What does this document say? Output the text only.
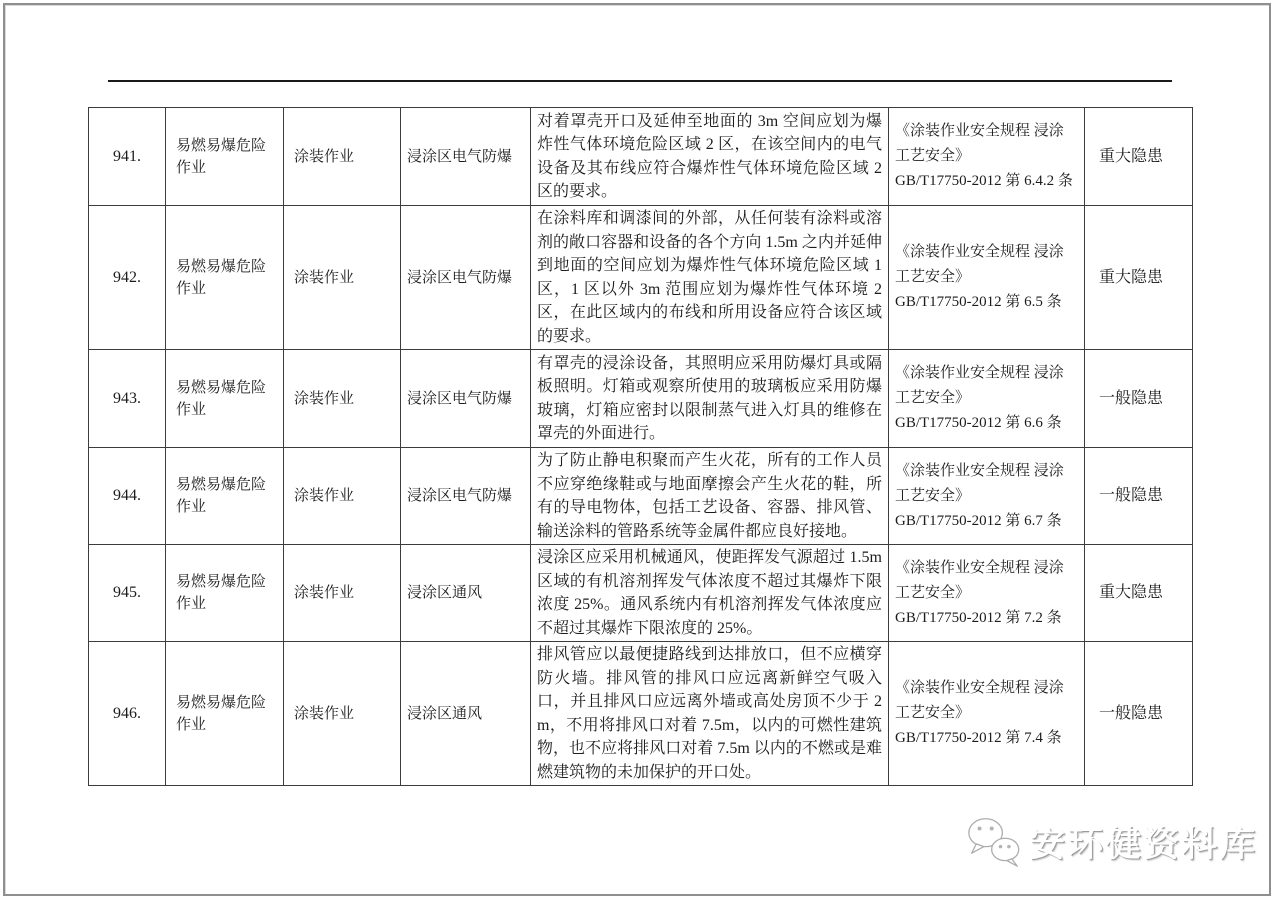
941.	易燃易爆危险作业	涂装作业	浸涂区电气防爆	对着罩壳开口及延伸至地面的 3m 空间应划为爆炸性气体环境危险区域 2 区，在该空间内的电气设备及其布线应符合爆炸性气体环境危险区域 2 区的要求。	《涂装作业安全规程 浸涂工艺安全》
GB/T17750-2012 第 6.4.2 条	重大隐患
942.	易燃易爆危险作业	涂装作业	浸涂区电气防爆	在涂料库和调漆间的外部，从任何装有涂料或溶剂的敞口容器和设备的各个方向 1.5m 之内并延伸到地面的空间应划为爆炸性气体环境危险区域 1 区，1 区以外 3m 范围应划为爆炸性气体环境 2 区，在此区域内的布线和所用设备应符合该区域的要求。	《涂装作业安全规程 浸涂工艺安全》
GB/T17750-2012 第 6.5 条	重大隐患
943.	易燃易爆危险作业	涂装作业	浸涂区电气防爆	有罩壳的浸涂设备，其照明应采用防爆灯具或隔板照明。灯箱或观察所使用的玻璃板应采用防爆玻璃，灯箱应密封以限制蒸气进入灯具的维修在罩壳的外面进行。	《涂装作业安全规程 浸涂工艺安全》
GB/T17750-2012 第 6.6 条	一般隐患
944.	易燃易爆危险作业	涂装作业	浸涂区电气防爆	为了防止静电积聚而产生火花，所有的工作人员不应穿绝缘鞋或与地面摩擦会产生火花的鞋，所有的导电物体，包括工艺设备、容器、排风管、输送涂料的管路系统等金属件都应良好接地。	《涂装作业安全规程 浸涂工艺安全》
GB/T17750-2012 第 6.7 条	一般隐患
945.	易燃易爆危险作业	涂装作业	浸涂区通风	浸涂区应采用机械通风，使距挥发气源超过 1.5m 区域的有机溶剂挥发气体浓度不超过其爆炸下限浓度 25%。通风系统内有机溶剂挥发气体浓度应不超过其爆炸下限浓度的 25%。	《涂装作业安全规程 浸涂工艺安全》
GB/T17750-2012 第 7.2 条	重大隐患
946.	易燃易爆危险作业	涂装作业	浸涂区通风	排风管应以最便捷路线到达排放口，但不应横穿防火墙。排风管的排风口应远离新鲜空气吸入口，并且排风口应远离外墙或高处房顶不少于 2m，不用将排风口对着 7.5m，以内的可燃性建筑物，也不应将排风口对着 7.5m 以内的不燃或是难燃建筑物的未加保护的开口处。	《涂装作业安全规程 浸涂工艺安全》
GB/T17750-2012 第 7.4 条	一般隐患
安环健资料库
